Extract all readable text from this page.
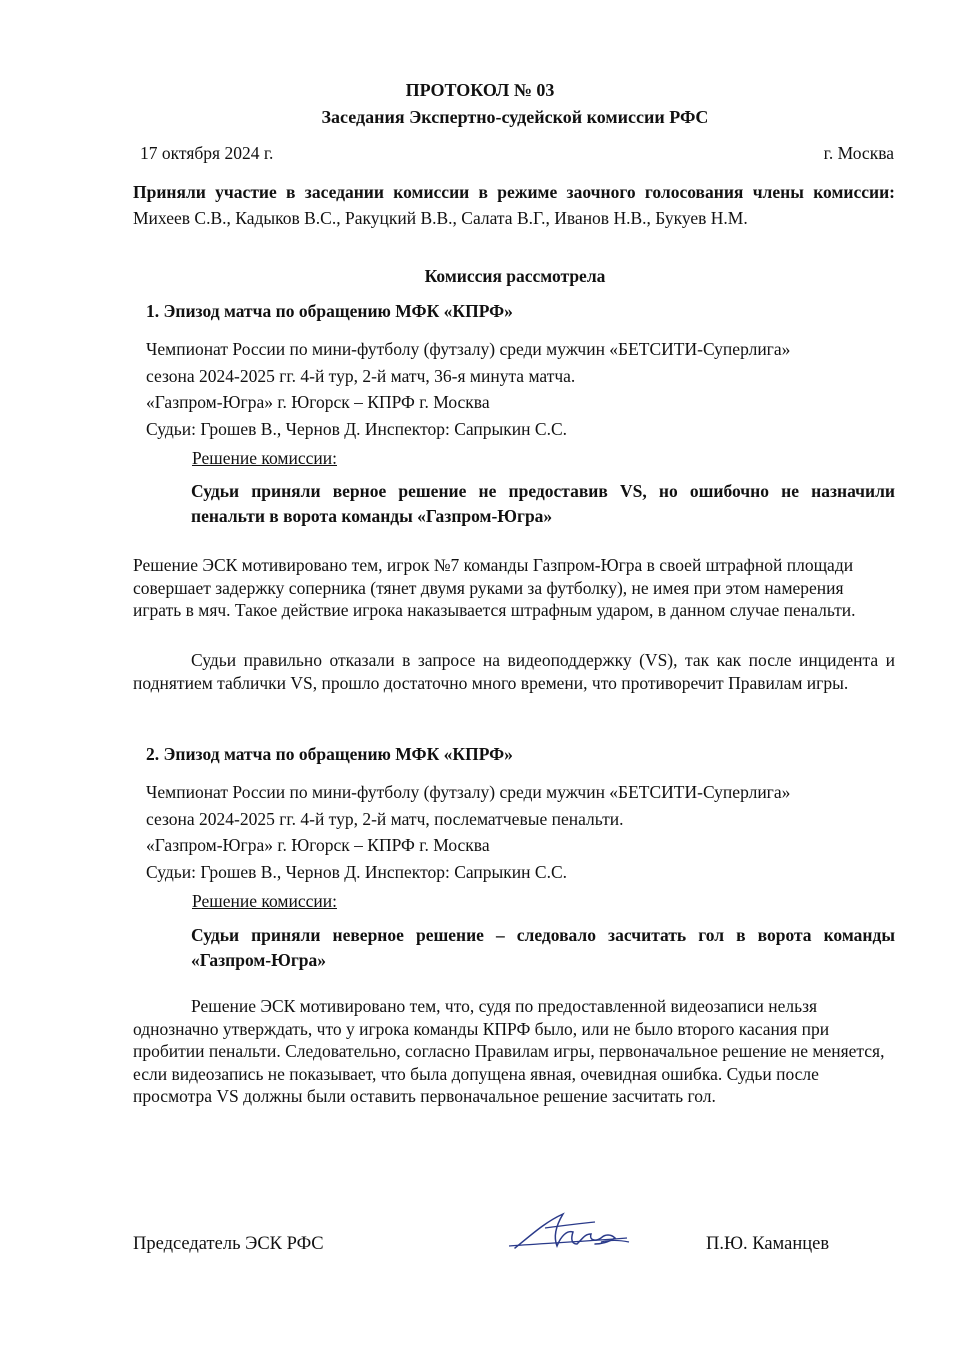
ПРОТОКОЛ № 03
Заседания Экспертно-судейской комиссии РФС
17 октября 2024 г.	г. Москва
Приняли участие в заседании комиссии в режиме заочного голосования члены комиссии: Михеев С.В., Кадыков В.С., Ракуцкий В.В., Салата В.Г., Иванов Н.В., Букуев Н.М.
Комиссия рассмотрела
1. Эпизод матча по обращению МФК «КПРФ»
Чемпионат России по мини-футболу (футзалу) среди мужчин «БЕТСИТИ-Суперлига»
сезона 2024-2025 гг. 4-й тур, 2-й матч, 36-я минута матча.
«Газпром-Югра» г. Югорск – КПРФ г. Москва
Судьи: Грошев В., Чернов Д. Инспектор: Сапрыкин С.С.
Решение комиссии:
Судьи приняли верное решение не предоставив VS, но ошибочно не назначили пенальти в ворота команды «Газпром-Югра»
Решение ЭСК мотивировано тем, игрок №7 команды Газпром-Югра в своей штрафной площади совершает задержку соперника (тянет двумя руками за футболку), не имея при этом намерения играть в мяч. Такое действие игрока наказывается штрафным ударом, в данном случае пенальти.
Судьи правильно отказали в запросе на видеоподдержку (VS), так как после инцидента и поднятием таблички VS, прошло достаточно много времени, что противоречит Правилам игры.
2. Эпизод матча по обращению МФК «КПРФ»
Чемпионат России по мини-футболу (футзалу) среди мужчин «БЕТСИТИ-Суперлига»
сезона 2024-2025 гг. 4-й тур, 2-й матч, послематчевые пенальти.
«Газпром-Югра» г. Югорск – КПРФ г. Москва
Судьи: Грошев В., Чернов Д. Инспектор: Сапрыкин С.С.
Решение комиссии:
Судьи приняли неверное решение – следовало засчитать гол в ворота команды «Газпром-Югра»
Решение ЭСК мотивировано тем, что, судя по предоставленной видеозаписи нельзя однозначно утверждать, что у игрока команды КПРФ было, или не было второго касания при пробитии пенальти. Следовательно, согласно Правилам игры, первоначальное решение не меняется, если видеозапись не показывает, что была допущена явная, очевидная ошибка. Судьи после просмотра VS должны были оставить первоначальное решение засчитать гол.
Председатель ЭСК РФС	П.Ю. Каманцев
